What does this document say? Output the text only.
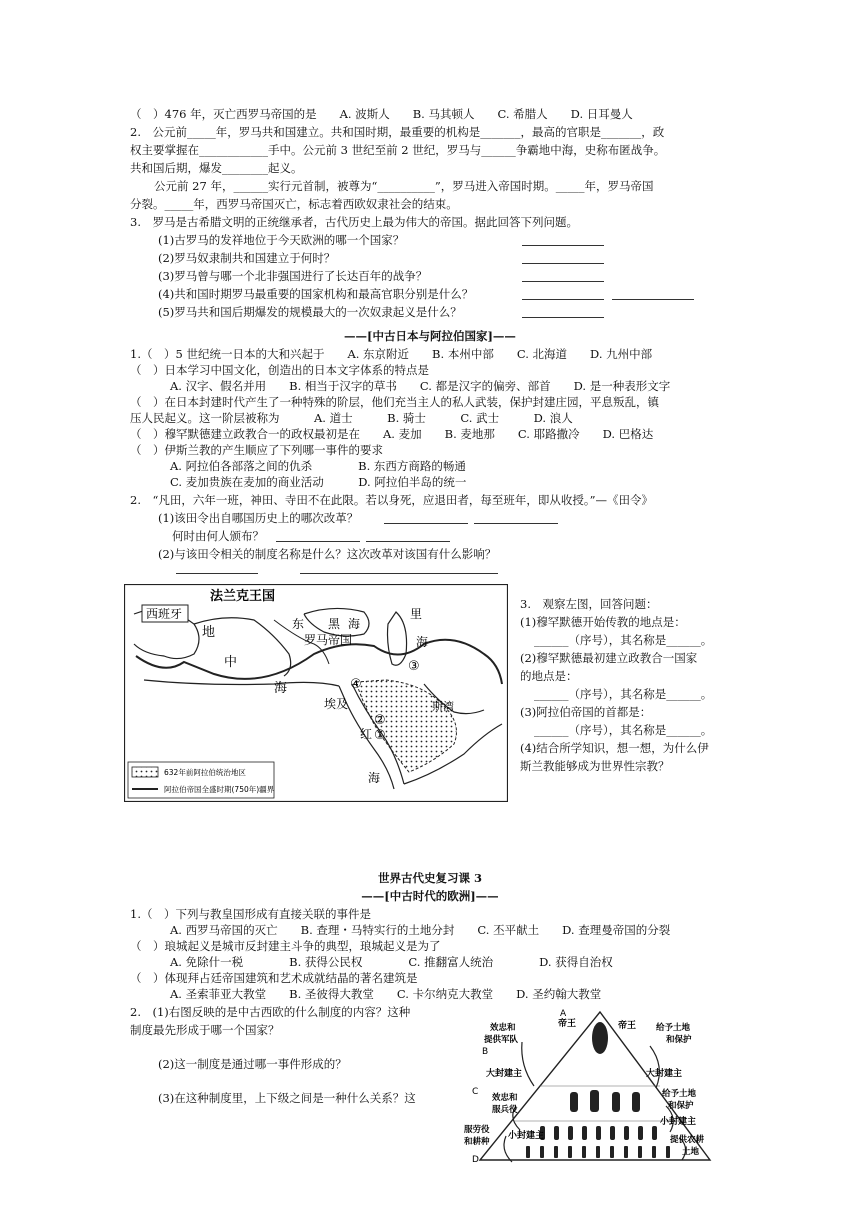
（　）476 年，灭亡西罗马帝国的是　　A. 波斯人　　B. 马其顿人　　C. 希腊人　　D. 日耳曼人
2.　公元前_____年，罗马共和国建立。共和国时期，最重要的机构是_______，最高的官职是_______，政
权主要掌握在____________手中。公元前 3 世纪至前 2 世纪，罗马与______争霸地中海，史称布匿战争。
共和国后期，爆发________起义。
公元前 27 年，______实行元首制，被尊为“__________”，罗马进入帝国时期。_____年，罗马帝国
分裂。_____年，西罗马帝国灭亡，标志着西欧奴隶社会的结束。
3.　罗马是古希腊文明的正统继承者，古代历史上最为伟大的帝国。据此回答下列问题。
(1)古罗马的发祥地位于今天欧洲的哪一个国家？
(2)罗马奴隶制共和国建立于何时？
(3)罗马曾与哪一个北非强国进行了长达百年的战争？
(4)共和国时期罗马最重要的国家机构和最高官职分别是什么？
(5)罗马共和国后期爆发的规模最大的一次奴隶起义是什么？
——[中古日本与阿拉伯国家]——
1.（　）5 世纪统一日本的大和兴起于　　A. 东京附近　　B. 本州中部　　C. 北海道　　D. 九州中部
（　）日本学习中国文化，创造出的日本文字体系的特点是
A. 汉字、假名并用　　B. 相当于汉字的草书　　C. 都是汉字的偏旁、部首　　D. 是一种表形文字
（　）在日本封建时代产生了一种特殊的阶层，他们充当主人的私人武装，保护封建庄园，平息叛乱，镇
压人民起义。这一阶层被称为　　　A. 道士　　　B. 骑士　　　C. 武士　　　D. 浪人
（　）穆罕默德建立政教合一的政权最初是在　　A. 麦加　　B. 麦地那　　C. 耶路撒冷　　D. 巴格达
（　）伊斯兰教的产生顺应了下列哪一事件的要求
A. 阿拉伯各部落之间的仇杀　　　　B. 东西方商路的畅通
C. 麦加贵族在麦加的商业活动　　　D. 阿拉伯半岛的统一
2.　“凡田，六年一班，神田、寺田不在此限。若以身死，应退田者，每至班年，即从收授。”—《田令》
(1)该田令出自哪国历史上的哪次改革？
何时由何人颁布？
(2)与该田令相关的制度名称是什么？这次改革对该国有什么影响？
法兰克王国
西班牙
地
中
海
东 黑 海
罗马帝国
里
海
埃及
红
海
斯湾
①
②
③
④
632年前阿拉伯统治地区
阿拉伯帝国全盛时期(750年)疆界
3.　观察左图，回答问题：
(1)穆罕默德开始传教的地点是：
______（序号），其名称是______。
(2)穆罕默德最初建立政教合一国家
的地点是：
______（序号），其名称是______。
(3)阿拉伯帝国的首都是：
______（序号），其名称是______。
(4)结合所学知识，想一想，为什么伊
斯兰教能够成为世界性宗教？
世界古代史复习课 3
——[中古时代的欧洲]——
1.（　）下列与教皇国形成有直接关联的事件是
A. 西罗马帝国的灭亡　　B. 查理・马特实行的土地分封　　C. 丕平献土　　D. 查理曼帝国的分裂
（　）琅城起义是城市反封建主斗争的典型，琅城起义是为了
A. 免除什一税　　　　B. 获得公民权　　　　C. 推翻富人统治　　　　D. 获得自治权
（　）体现拜占廷帝国建筑和艺术成就结晶的著名建筑是
A. 圣索菲亚大教堂　　B. 圣彼得大教堂　　C. 卡尔纳克大教堂　　D. 圣约翰大教堂
2.　(1)右图反映的是中古西欧的什么制度的内容？这种
制度最先形成于哪一个国家？
(2)这一制度是通过哪一事件形成的？
(3)在这种制度里，上下级之间是一种什么关系？这
A
B
C
D
帝王	帝王
效忠和
提供军队
给予土地
和保护
大封建主	大封建主
效忠和
服兵役
给予土地
和保护
小封建主
小封建主
服劳役
和耕种	提供农耕
土地
